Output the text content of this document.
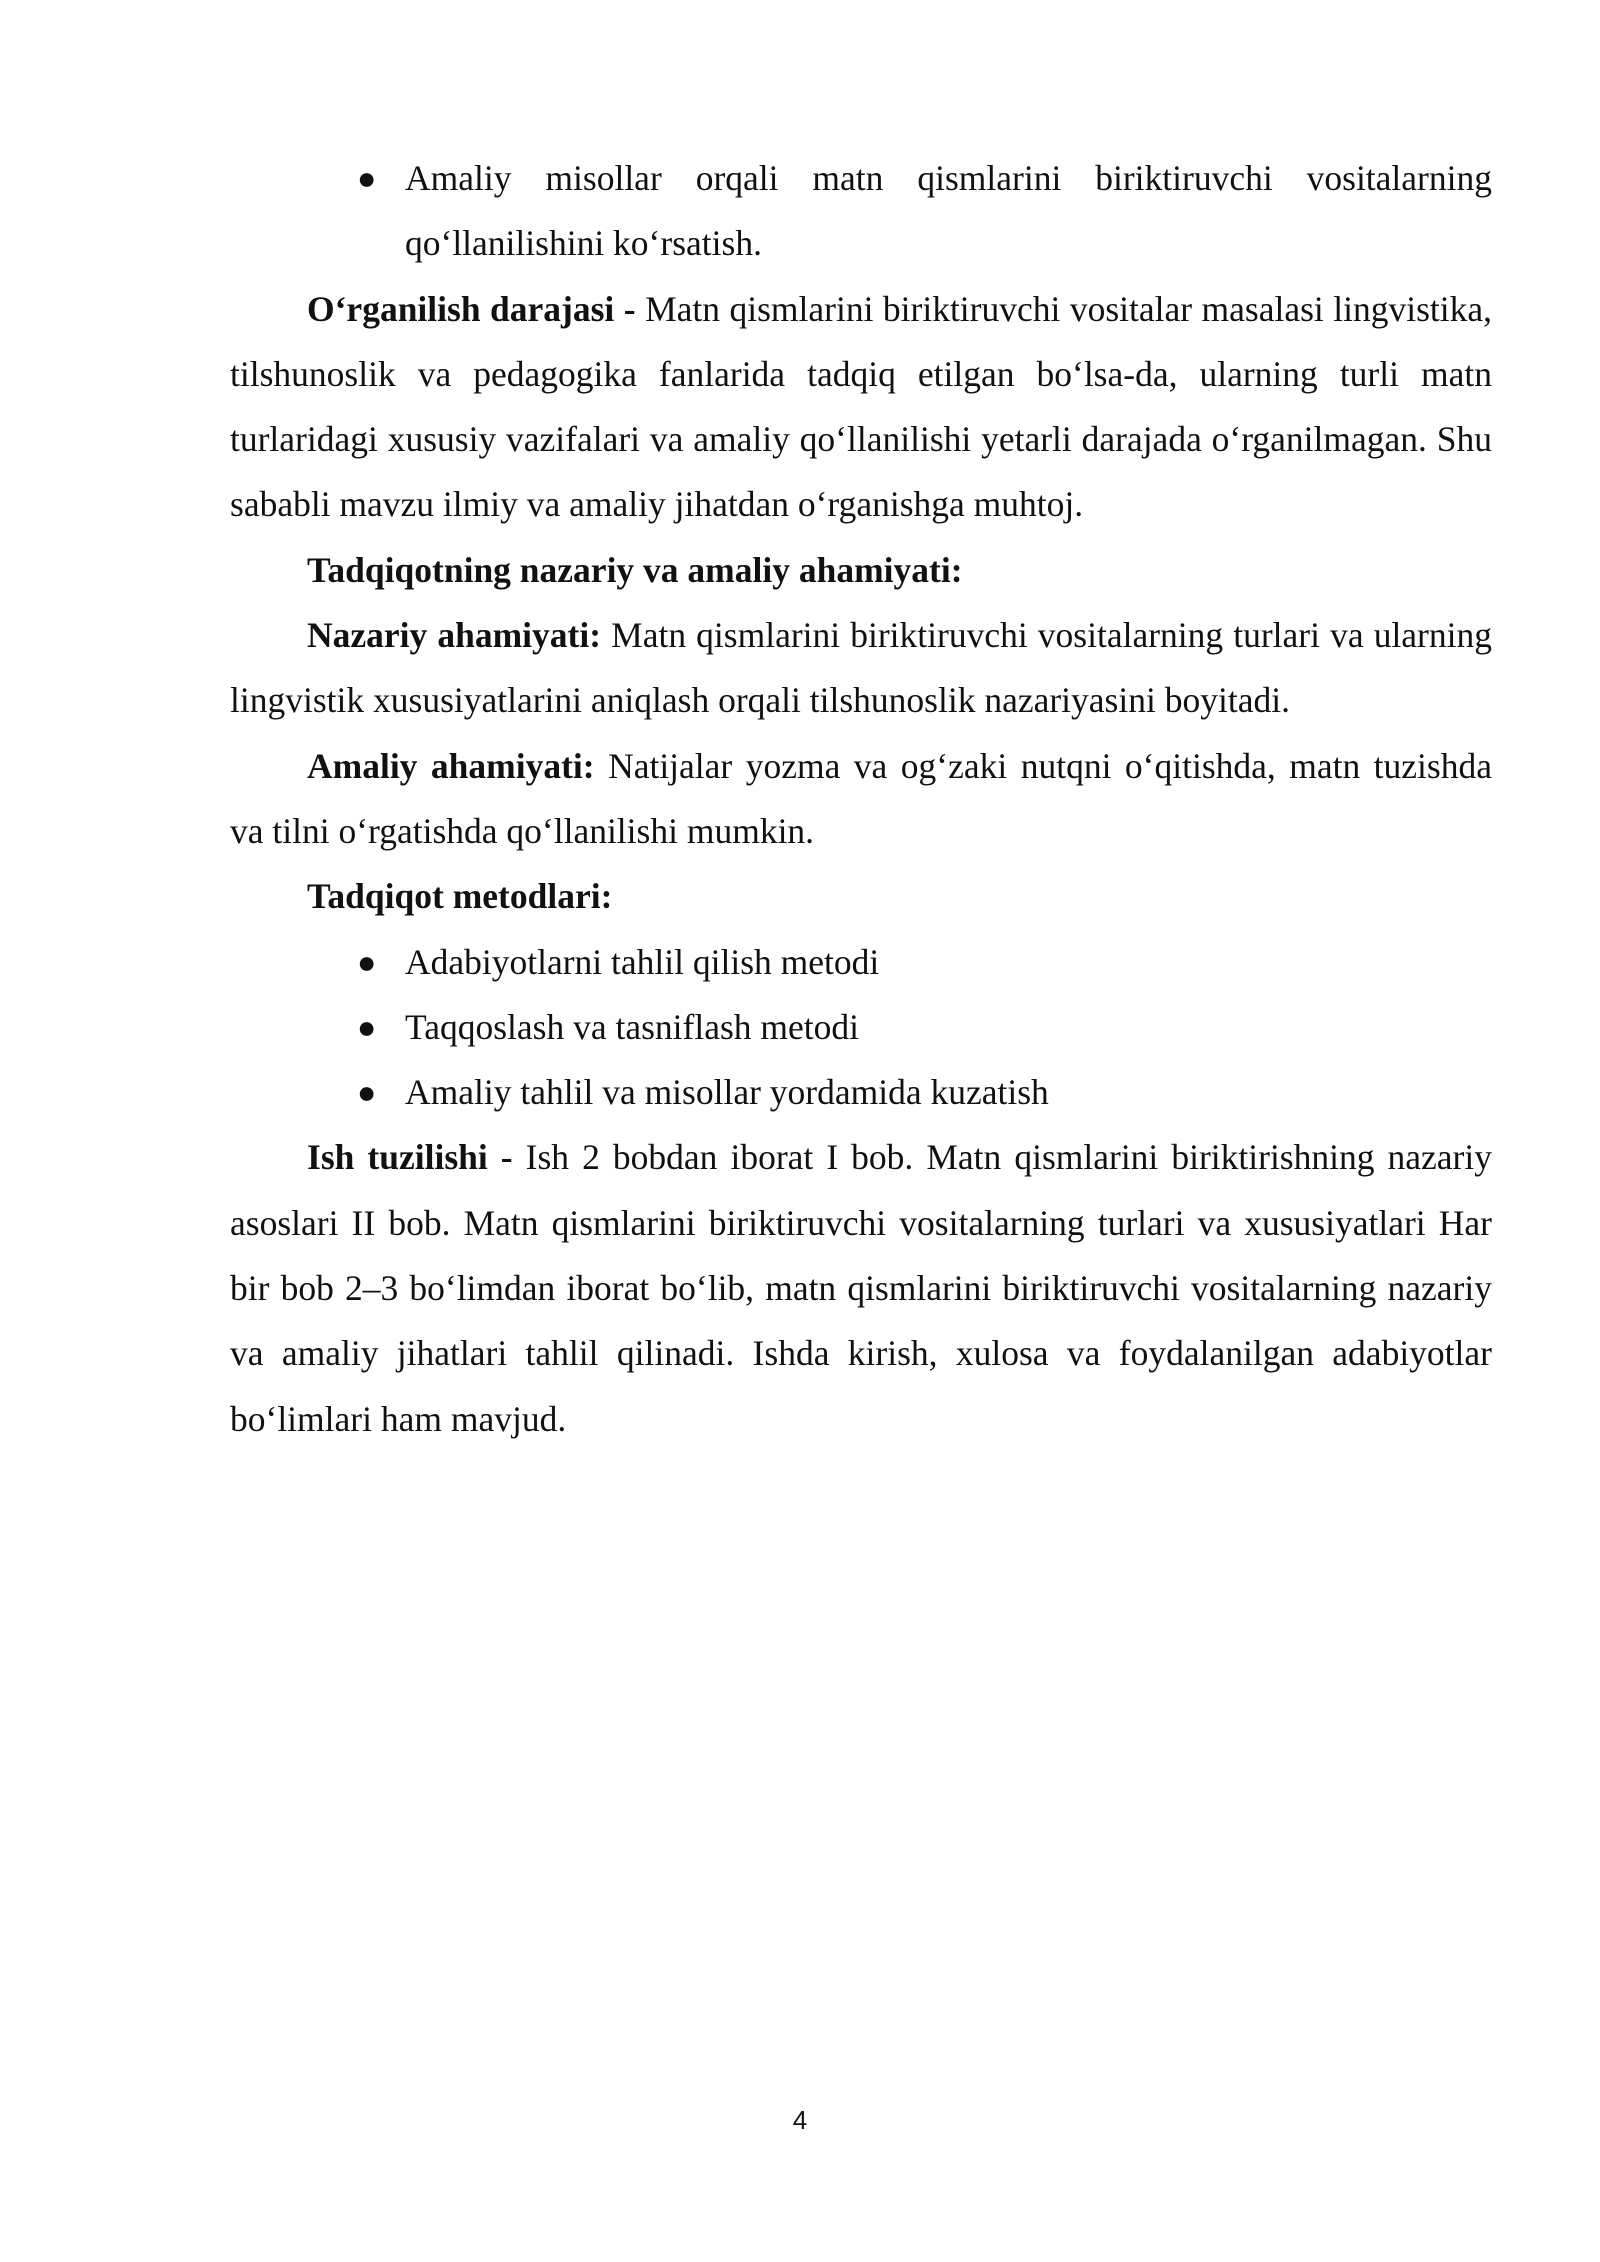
● Amaliy misollar orqali matn qismlarini biriktiruvchi vositalarning qo‘llanilishini ko‘rsatish.

O‘rganilish darajasi - Matn qismlarini biriktiruvchi vositalar masalasi lingvistika, tilshunoslik va pedagogika fanlarida tadqiq etilgan bo‘lsa-da, ularning turli matn turlaridagi xususiy vazifalari va amaliy qo‘llanilishi yetarli darajada o‘rganilmagan. Shu sababli mavzu ilmiy va amaliy jihatdan o‘rganishga muhtoj.

Tadqiqotning nazariy va amaliy ahamiyati:

Nazariy ahamiyati: Matn qismlarini biriktiruvchi vositalarning turlari va ularning lingvistik xususiyatlarini aniqlash orqali tilshunoslik nazariyasini boyitadi.

Amaliy ahamiyati: Natijalar yozma va og‘zaki nutqni o‘qitishda, matn tuzishda va tilni o‘rgatishda qo‘llanilishi mumkin.

Tadqiqot metodlari:

● Adabiyotlarni tahlil qilish metodi
● Taqqoslash va tasniflash metodi
● Amaliy tahlil va misollar yordamida kuzatish

Ish tuzilishi - Ish 2 bobdan iborat I bob. Matn qismlarini biriktirishning nazariy asoslari II bob. Matn qismlarini biriktiruvchi vositalarning turlari va xususiyatlari Har bir bob 2–3 bo‘limdan iborat bo‘lib, matn qismlarini biriktiruvchi vositalarning nazariy va amaliy jihatlari tahlil qilinadi. Ishda kirish, xulosa va foydalanilgan adabiyotlar bo‘limlari ham mavjud.

4
